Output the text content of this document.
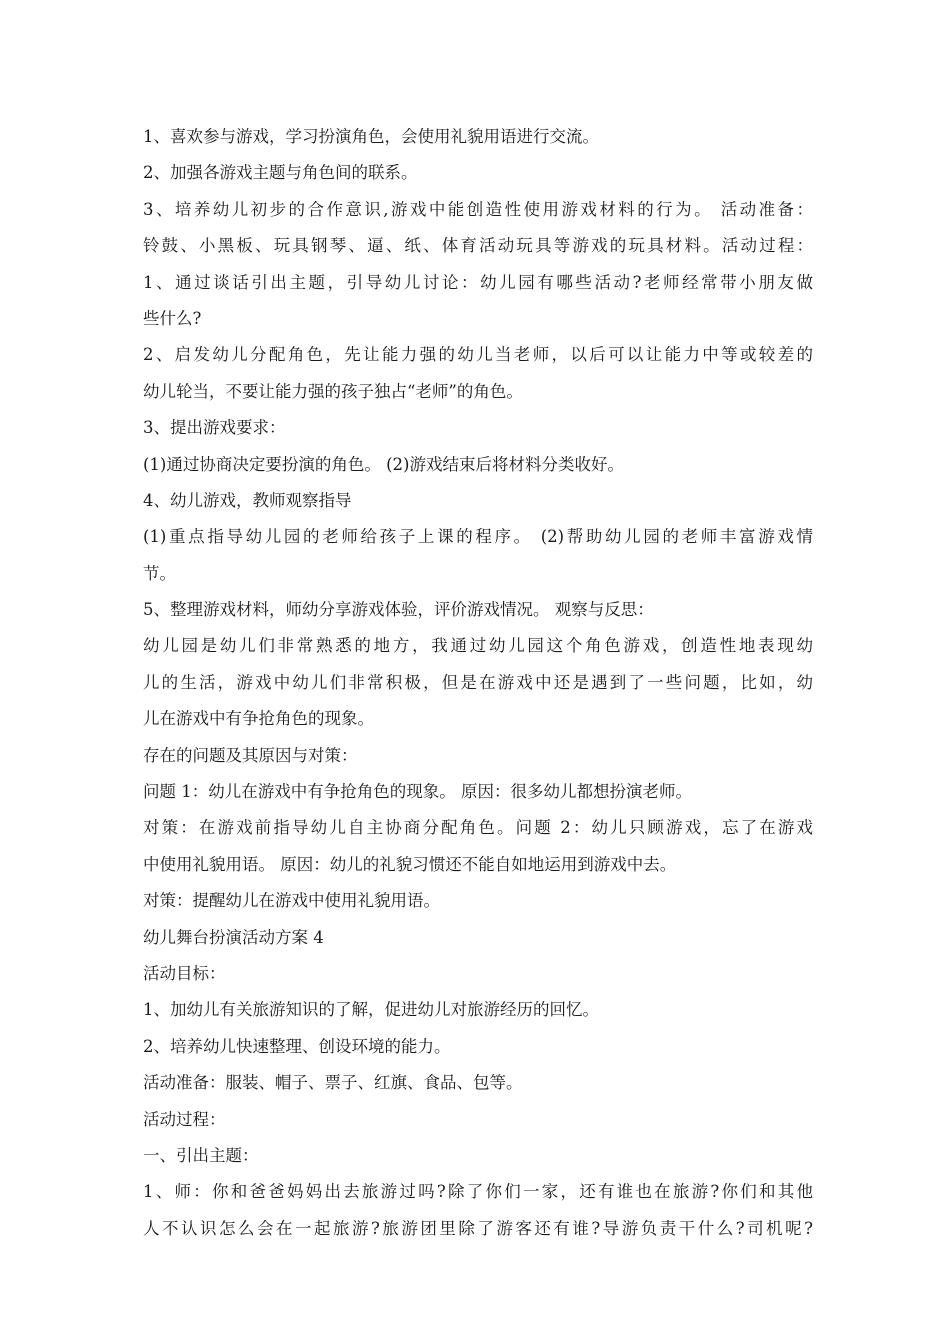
1、喜欢参与游戏，学习扮演角色，会使用礼貌用语进行交流。
2、加强各游戏主题与角色间的联系。
3、培养幼儿初步的合作意识,游戏中能创造性使用游戏材料的行为。 活动准备：
铃鼓、小黑板、玩具钢琴、逼、纸、体育活动玩具等游戏的玩具材料。活动过程：
1、通过谈话引出主题，引导幼儿讨论：幼儿园有哪些活动?老师经常带小朋友做
些什么?
2、启发幼儿分配角色，先让能力强的幼儿当老师，以后可以让能力中等或较差的
幼儿轮当，不要让能力强的孩子独占“老师”的角色。
3、提出游戏要求：
(1)通过协商决定要扮演的角色。 (2)游戏结束后将材料分类收好。
4、幼儿游戏，教师观察指导
(1)重点指导幼儿园的老师给孩子上课的程序。 (2)帮助幼儿园的老师丰富游戏情
节。
5、整理游戏材料，师幼分享游戏体验，评价游戏情况。 观察与反思：
幼儿园是幼儿们非常熟悉的地方，我通过幼儿园这个角色游戏，创造性地表现幼
儿的生活，游戏中幼儿们非常积极，但是在游戏中还是遇到了一些问题，比如，幼
儿在游戏中有争抢角色的现象。
存在的问题及其原因与对策：
问题 1：幼儿在游戏中有争抢角色的现象。 原因：很多幼儿都想扮演老师。
对策：在游戏前指导幼儿自主协商分配角色。问题 2：幼儿只顾游戏，忘了在游戏
中使用礼貌用语。 原因：幼儿的礼貌习惯还不能自如地运用到游戏中去。
对策：提醒幼儿在游戏中使用礼貌用语。
幼儿舞台扮演活动方案 4
活动目标：
1、加幼儿有关旅游知识的了解，促进幼儿对旅游经历的回忆。
2、培养幼儿快速整理、创设环境的能力。
活动准备：服装、帽子、票子、红旗、食品、包等。
活动过程：
一、引出主题：
1、师：你和爸爸妈妈出去旅游过吗?除了你们一家，还有谁也在旅游?你们和其他
人不认识怎么会在一起旅游?旅游团里除了游客还有谁?导游负责干什么?司机呢?
